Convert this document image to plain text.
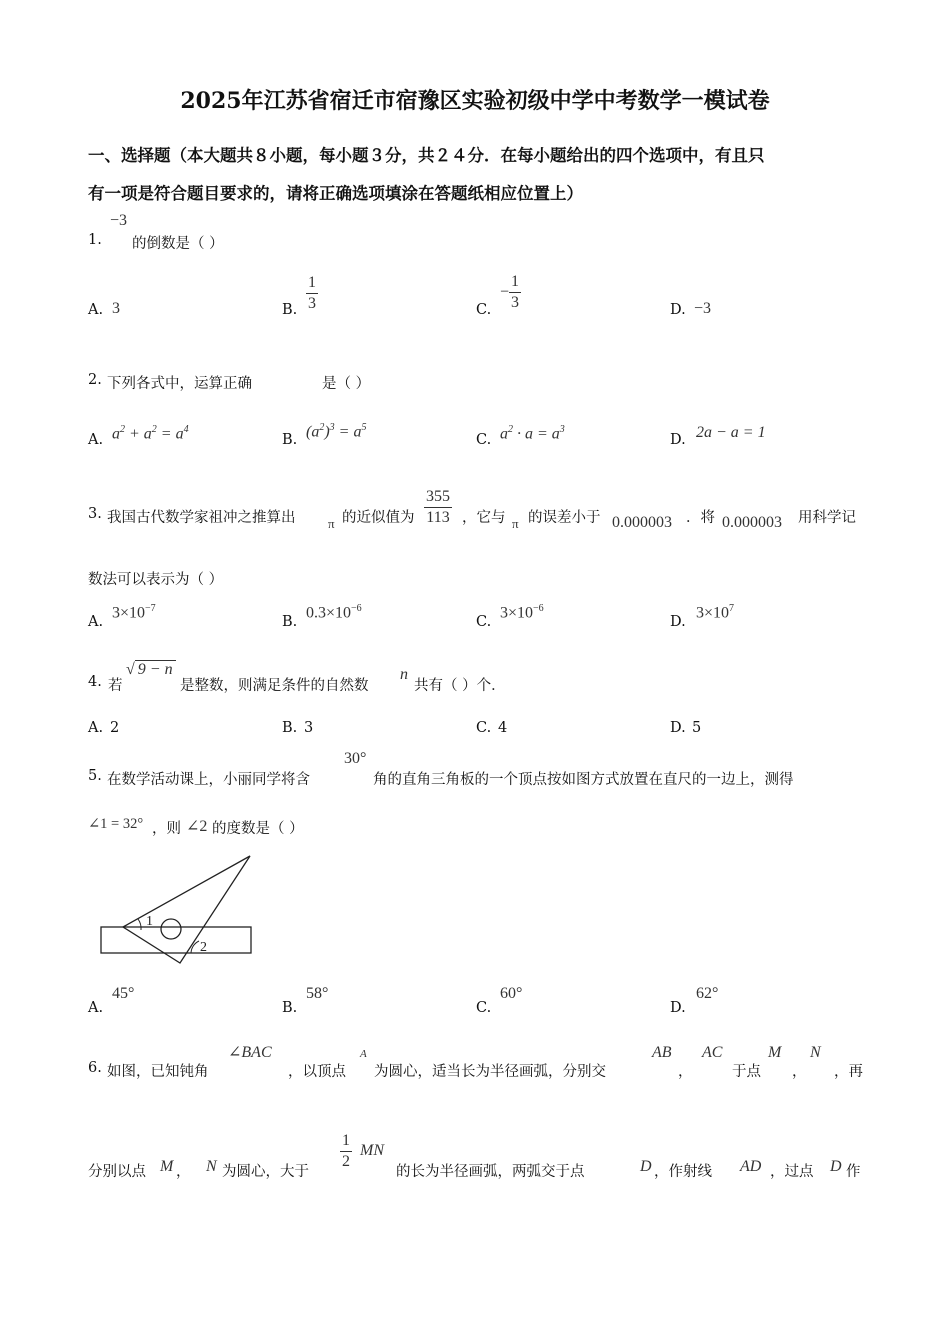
2025年江苏省宿迁市宿豫区实验初级中学中考数学一模试卷
一、选择题（本大题共８小题，每小题３分，共２４分．在每小题给出的四个选项中，有且只
有一项是符合题目要求的，请将正确选项填涂在答题纸相应位置上）
1.
−3
的倒数是（ ）
A. 3	B. $\frac{1}{3}$	C.
− $\frac{1}{3}$	D. −3
2. 下列各式中，运算正确	是（ ）
A. $a^2 + a^2 = a^4$
B. $(a^2)^3 = a^5$
C. $a^2 \cdot a = a^3$
D. 2a − a = 1
3. 我国古代数学家祖冲之推算出	π 的近似值为 $\frac{355}{113}$ ，它与 π 的误差小于 0.000003 ．将 0.000003 用科学记
数法可以表示为（ ）
A.
$3\times 10^{-7}$
B.
$0.3\times 10^{-6}$
C.
$3\times 10^{-6}$
D.
$3\times 10^7$
4. 若
√ 9 − n
是整数，则满足条件的自然数
n
共有（ ）个．
A. 2	B. 3	C. 4	D. 5
5. 在数学活动课上，小丽同学将含
30°
角的直角三角板的一个顶点按如图方式放置在直尺的一边上，测得
∠1 = 32° ，则 ∠2 的度数是（ ）
1
2
A.
45°
B.
58°
C.
60°
D.
62°
6. 如图，已知钝角
∠BAC
，以顶点
A
为圆心，适当长为半径画弧，分别交
AB
，
AC
于点
M
，
N
，再
分别以点 M ， N 为圆心，大于
$\frac{1}{2}$ MN
的长为半径画弧，两弧交于点	D ，作射线 AD ，过点 D 作
